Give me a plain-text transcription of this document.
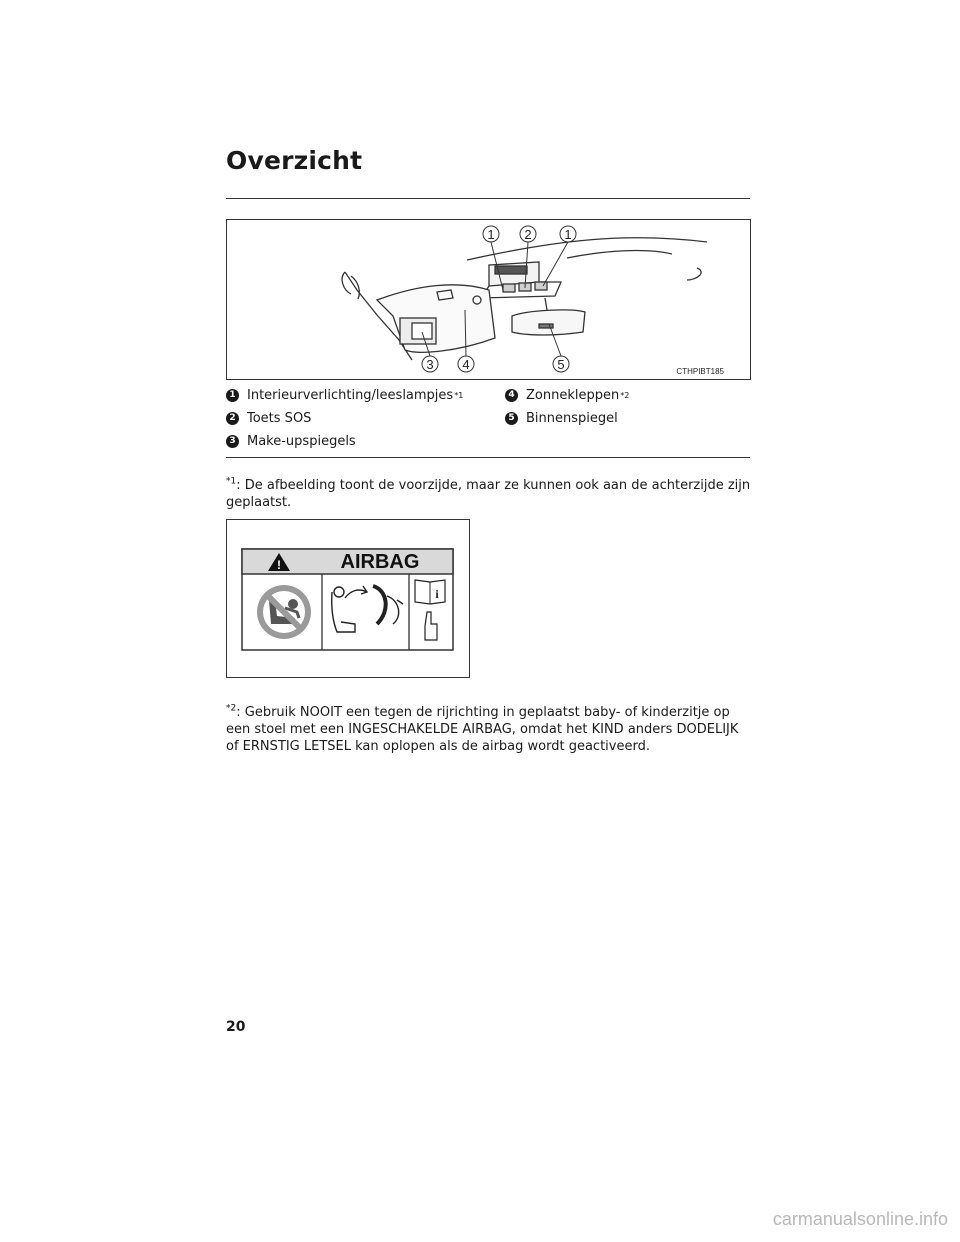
Overzicht
1 2	1
3 4	5	CTHPIBT185
1 Interieurverlichting/leeslampjes *1
2 Toets SOS
3 Make-upspiegels
4 Zonnekleppen *2
5 Binnenspiegel
$^{*1}$: De afbeelding toont de voorzijde, maar ze kunnen ook aan de achterzijde zijn geplaatst.
!	AIRBAG
i
$^{*2}$: Gebruik NOOIT een tegen de rijrichting in geplaatst baby- of kinderzitje op een stoel met een INGESCHAKELDE AIRBAG, omdat het KIND anders DODELIJK of ERNSTIG LETSEL kan oplopen als de airbag wordt geactiveerd.
20
carmanualsonline.info
